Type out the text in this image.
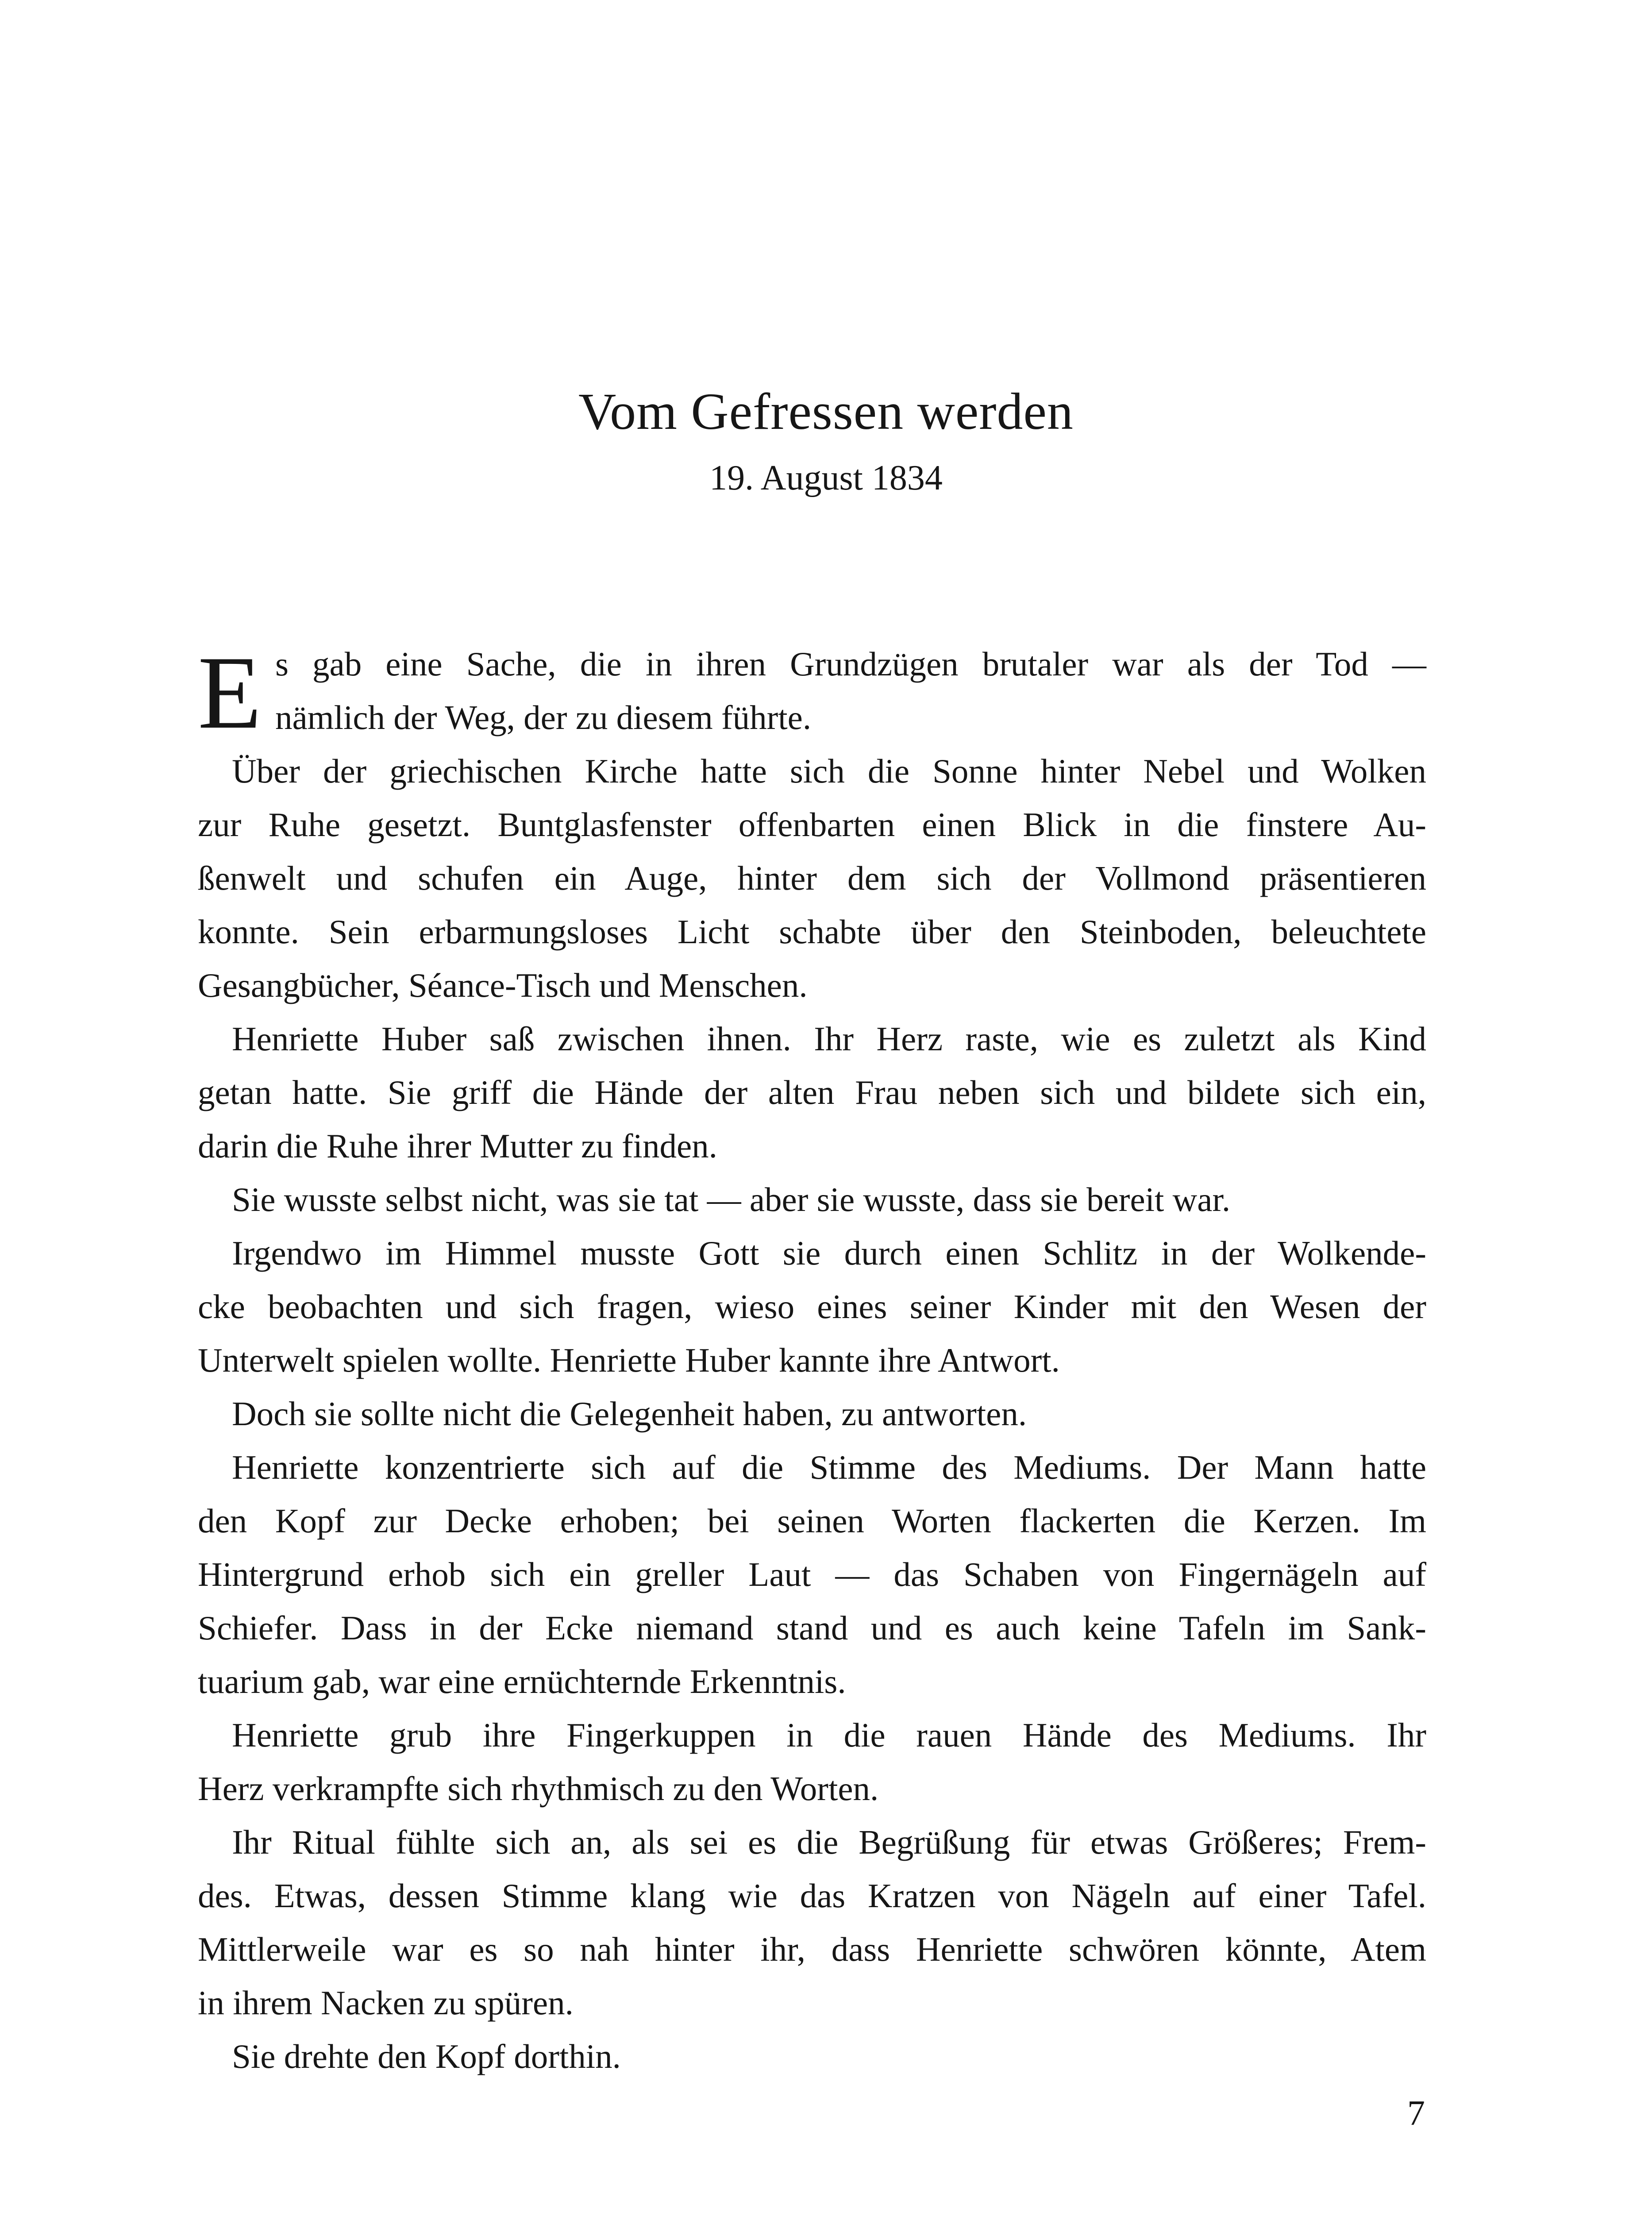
Vom Gefressen werden
19. August 1834
E s gab eine Sache, die in ihren Grundzügen brutaler war als der Tod —
nämlich der Weg, der zu diesem führte.
Über der griechischen Kirche hatte sich die Sonne hinter Nebel und Wolken
zur Ruhe gesetzt. Buntglasfenster offenbarten einen Blick in die finstere Au-
ßenwelt und schufen ein Auge, hinter dem sich der Vollmond präsentieren
konnte. Sein erbarmungsloses Licht schabte über den Steinboden, beleuchtete
Gesangbücher, Séance-Tisch und Menschen.
Henriette Huber saß zwischen ihnen. Ihr Herz raste, wie es zuletzt als Kind
getan hatte. Sie griff die Hände der alten Frau neben sich und bildete sich ein,
darin die Ruhe ihrer Mutter zu finden.
Sie wusste selbst nicht, was sie tat — aber sie wusste, dass sie bereit war.
Irgendwo im Himmel musste Gott sie durch einen Schlitz in der Wolkende-
cke beobachten und sich fragen, wieso eines seiner Kinder mit den Wesen der
Unterwelt spielen wollte. Henriette Huber kannte ihre Antwort.
Doch sie sollte nicht die Gelegenheit haben, zu antworten.
Henriette konzentrierte sich auf die Stimme des Mediums. Der Mann hatte
den Kopf zur Decke erhoben; bei seinen Worten flackerten die Kerzen. Im
Hintergrund erhob sich ein greller Laut — das Schaben von Fingernägeln auf
Schiefer. Dass in der Ecke niemand stand und es auch keine Tafeln im Sank-
tuarium gab, war eine ernüchternde Erkenntnis.
Henriette grub ihre Fingerkuppen in die rauen Hände des Mediums. Ihr
Herz verkrampfte sich rhythmisch zu den Worten.
Ihr Ritual fühlte sich an, als sei es die Begrüßung für etwas Größeres; Frem-
des. Etwas, dessen Stimme klang wie das Kratzen von Nägeln auf einer Tafel.
Mittlerweile war es so nah hinter ihr, dass Henriette schwören könnte, Atem
in ihrem Nacken zu spüren.
Sie drehte den Kopf dorthin.
7
